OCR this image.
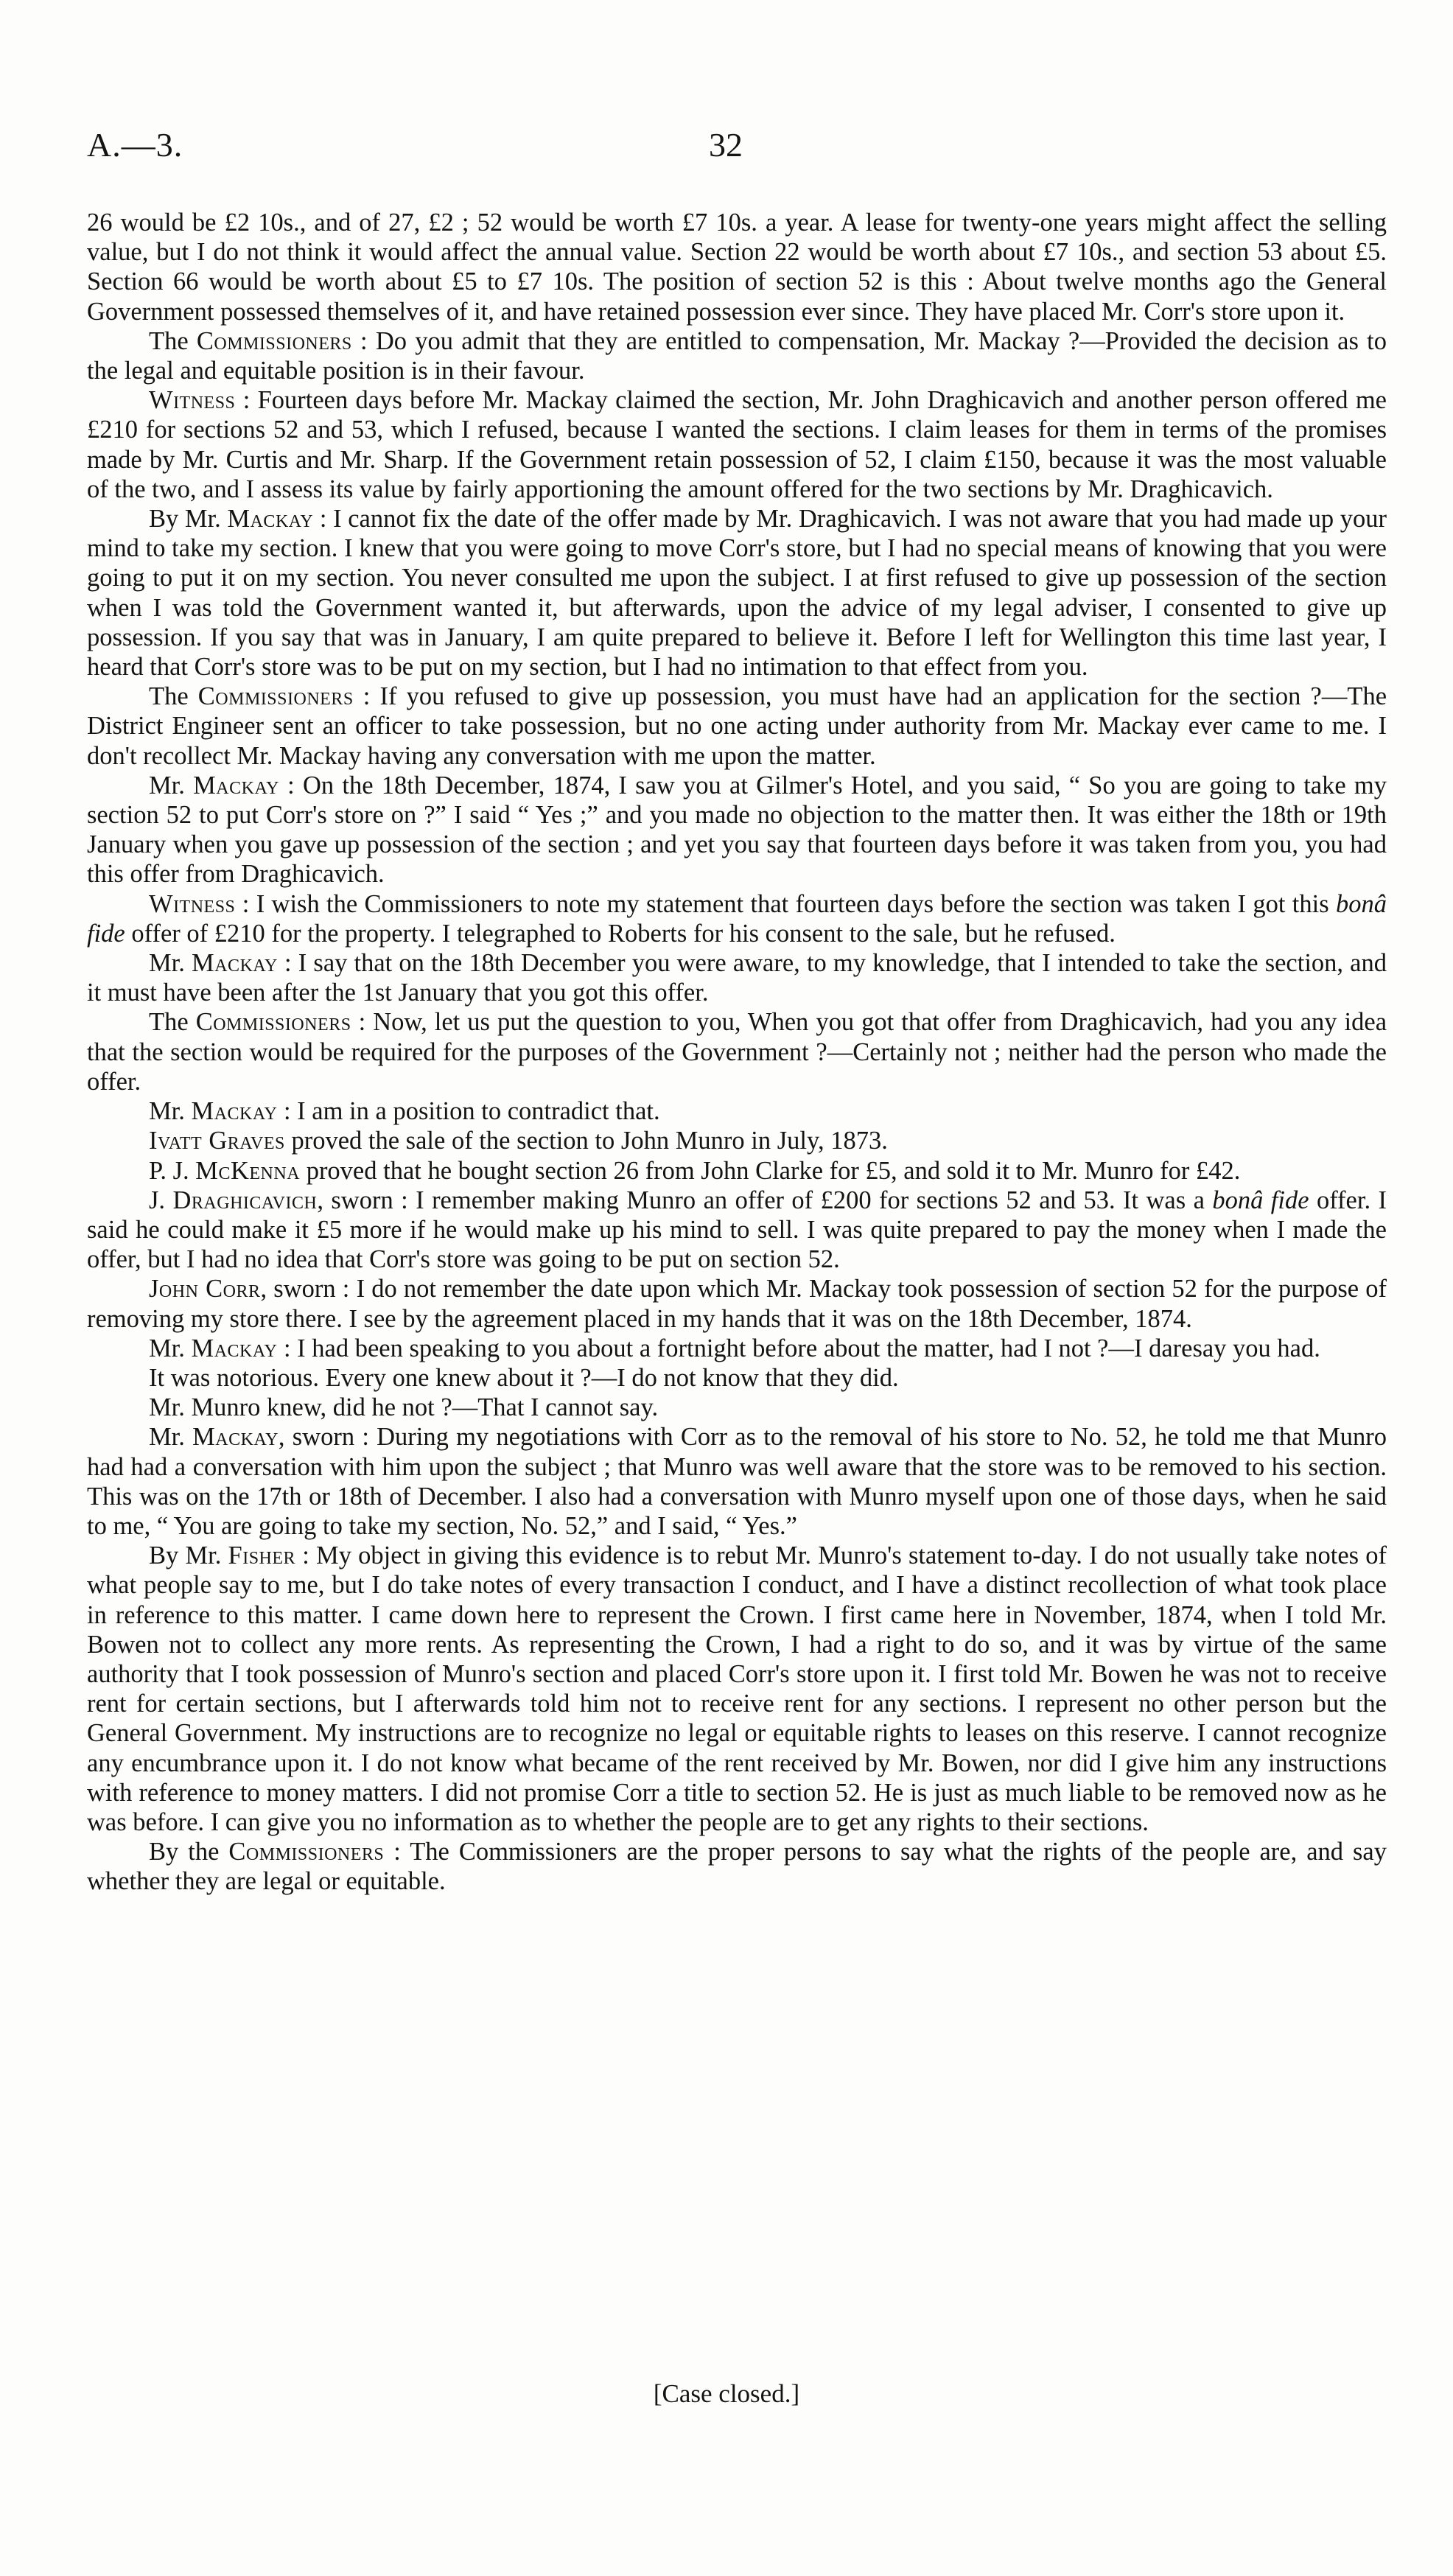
A.—3.	32

26 would be £2 10s., and of 27, £2 ; 52 would be worth £7 10s. a year. A lease for twenty-one years might affect the selling value, but I do not think it would affect the annual value. Section 22 would be worth about £7 10s., and section 53 about £5. Section 66 would be worth about £5 to £7 10s. The position of section 52 is this : About twelve months ago the General Government possessed themselves of it, and have retained possession ever since. They have placed Mr. Corr's store upon it.

The Commissioners : Do you admit that they are entitled to compensation, Mr. Mackay ?—Provided the decision as to the legal and equitable position is in their favour.

Witness : Fourteen days before Mr. Mackay claimed the section, Mr. John Draghicavich and another person offered me £210 for sections 52 and 53, which I refused, because I wanted the sections. I claim leases for them in terms of the promises made by Mr. Curtis and Mr. Sharp. If the Government retain possession of 52, I claim £150, because it was the most valuable of the two, and I assess its value by fairly apportioning the amount offered for the two sections by Mr. Draghicavich.

By Mr. Mackay : I cannot fix the date of the offer made by Mr. Draghicavich. I was not aware that you had made up your mind to take my section. I knew that you were going to move Corr's store, but I had no special means of knowing that you were going to put it on my section. You never consulted me upon the subject. I at first refused to give up possession of the section when I was told the Government wanted it, but afterwards, upon the advice of my legal adviser, I consented to give up possession. If you say that was in January, I am quite prepared to believe it. Before I left for Wellington this time last year, I heard that Corr's store was to be put on my section, but I had no intimation to that effect from you.

The Commissioners : If you refused to give up possession, you must have had an application for the section ?—The District Engineer sent an officer to take possession, but no one acting under authority from Mr. Mackay ever came to me. I don't recollect Mr. Mackay having any conversation with me upon the matter.

Mr. Mackay : On the 18th December, 1874, I saw you at Gilmer's Hotel, and you said, “ So you are going to take my section 52 to put Corr's store on ?” I said “ Yes ;” and you made no objection to the matter then. It was either the 18th or 19th January when you gave up possession of the section ; and yet you say that fourteen days before it was taken from you, you had this offer from Draghicavich.

Witness : I wish the Commissioners to note my statement that fourteen days before the section was taken I got this bonâ fide offer of £210 for the property. I telegraphed to Roberts for his consent to the sale, but he refused.

Mr. Mackay : I say that on the 18th December you were aware, to my knowledge, that I intended to take the section, and it must have been after the 1st January that you got this offer.

The Commissioners : Now, let us put the question to you, When you got that offer from Draghicavich, had you any idea that the section would be required for the purposes of the Government ?—Certainly not ; neither had the person who made the offer.

Mr. Mackay : I am in a position to contradict that.

Ivatt Graves proved the sale of the section to John Munro in July, 1873.

P. J. McKenna proved that he bought section 26 from John Clarke for £5, and sold it to Mr. Munro for £42.

J. Draghicavich, sworn : I remember making Munro an offer of £200 for sections 52 and 53. It was a bonâ fide offer. I said he could make it £5 more if he would make up his mind to sell. I was quite prepared to pay the money when I made the offer, but I had no idea that Corr's store was going to be put on section 52.

John Corr, sworn : I do not remember the date upon which Mr. Mackay took possession of section 52 for the purpose of removing my store there. I see by the agreement placed in my hands that it was on the 18th December, 1874.

Mr. Mackay : I had been speaking to you about a fortnight before about the matter, had I not ?—I daresay you had.

It was notorious. Every one knew about it ?—I do not know that they did.

Mr. Munro knew, did he not ?—That I cannot say.

Mr. Mackay, sworn : During my negotiations with Corr as to the removal of his store to No. 52, he told me that Munro had had a conversation with him upon the subject ; that Munro was well aware that the store was to be removed to his section. This was on the 17th or 18th of December. I also had a conversation with Munro myself upon one of those days, when he said to me, “ You are going to take my section, No. 52,” and I said, “ Yes.”

By Mr. Fisher : My object in giving this evidence is to rebut Mr. Munro's statement to-day. I do not usually take notes of what people say to me, but I do take notes of every transaction I conduct, and I have a distinct recollection of what took place in reference to this matter. I came down here to represent the Crown. I first came here in November, 1874, when I told Mr. Bowen not to collect any more rents. As representing the Crown, I had a right to do so, and it was by virtue of the same authority that I took possession of Munro's section and placed Corr's store upon it. I first told Mr. Bowen he was not to receive rent for certain sections, but I afterwards told him not to receive rent for any sections. I represent no other person but the General Government. My instructions are to recognize no legal or equitable rights to leases on this reserve. I cannot recognize any encumbrance upon it. I do not know what became of the rent received by Mr. Bowen, nor did I give him any instructions with reference to money matters. I did not promise Corr a title to section 52. He is just as much liable to be removed now as he was before. I can give you no information as to whether the people are to get any rights to their sections.

By the Commissioners : The Commissioners are the proper persons to say what the rights of the people are, and say whether they are legal or equitable.

[Case closed.]
